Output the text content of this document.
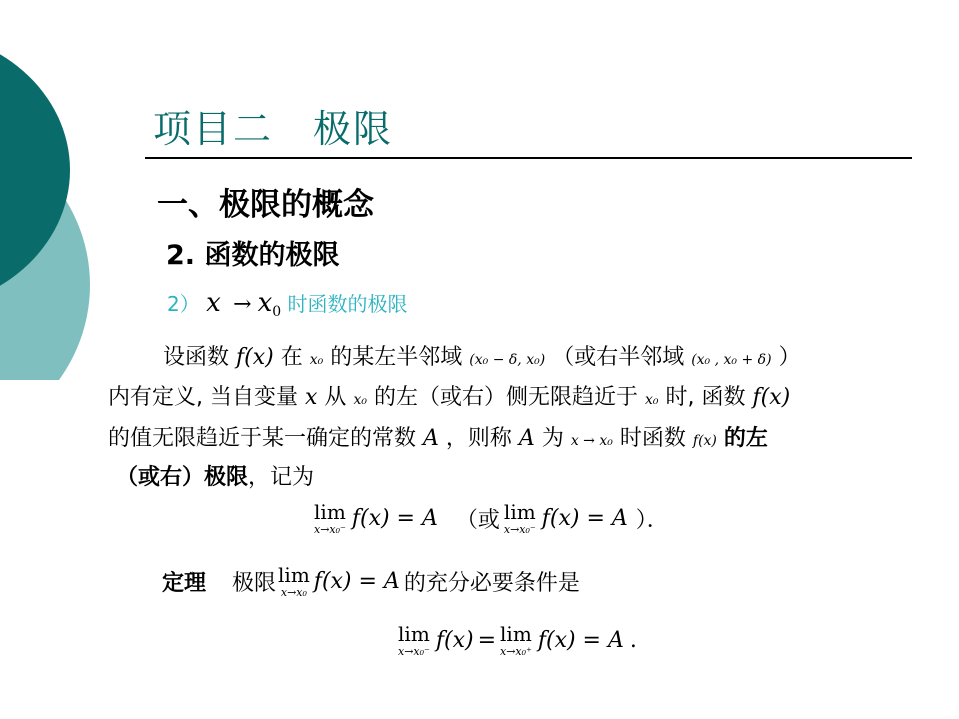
项目二 极限
一、极限的概念
2. 函数的极限
2） $x \to x_0$ 时函数的极限
设函数 f(x) 在 x₀ 的某左半邻域 (x₀ − δ, x₀) （或右半邻域 (x₀ , x₀ + δ) ）
内有定义, 当自变量 x 从 x₀ 的左（或右）侧无限趋近于 x₀ 时, 函数 f(x)
的值无限趋近于某一确定的常数 A ，则称 A 为 x → x₀ 时函数 f(x) 的左
（或右）极限，记为
lim
x→x₀⁻ f(x) = A （或 lim
x→x₀⁻ f(x) = A ）．
定理 极限 lim
x→x₀ f(x) = A 的充分必要条件是
lim
x→x₀⁻ f(x) = lim
x→x₀⁺ f(x) = A .
